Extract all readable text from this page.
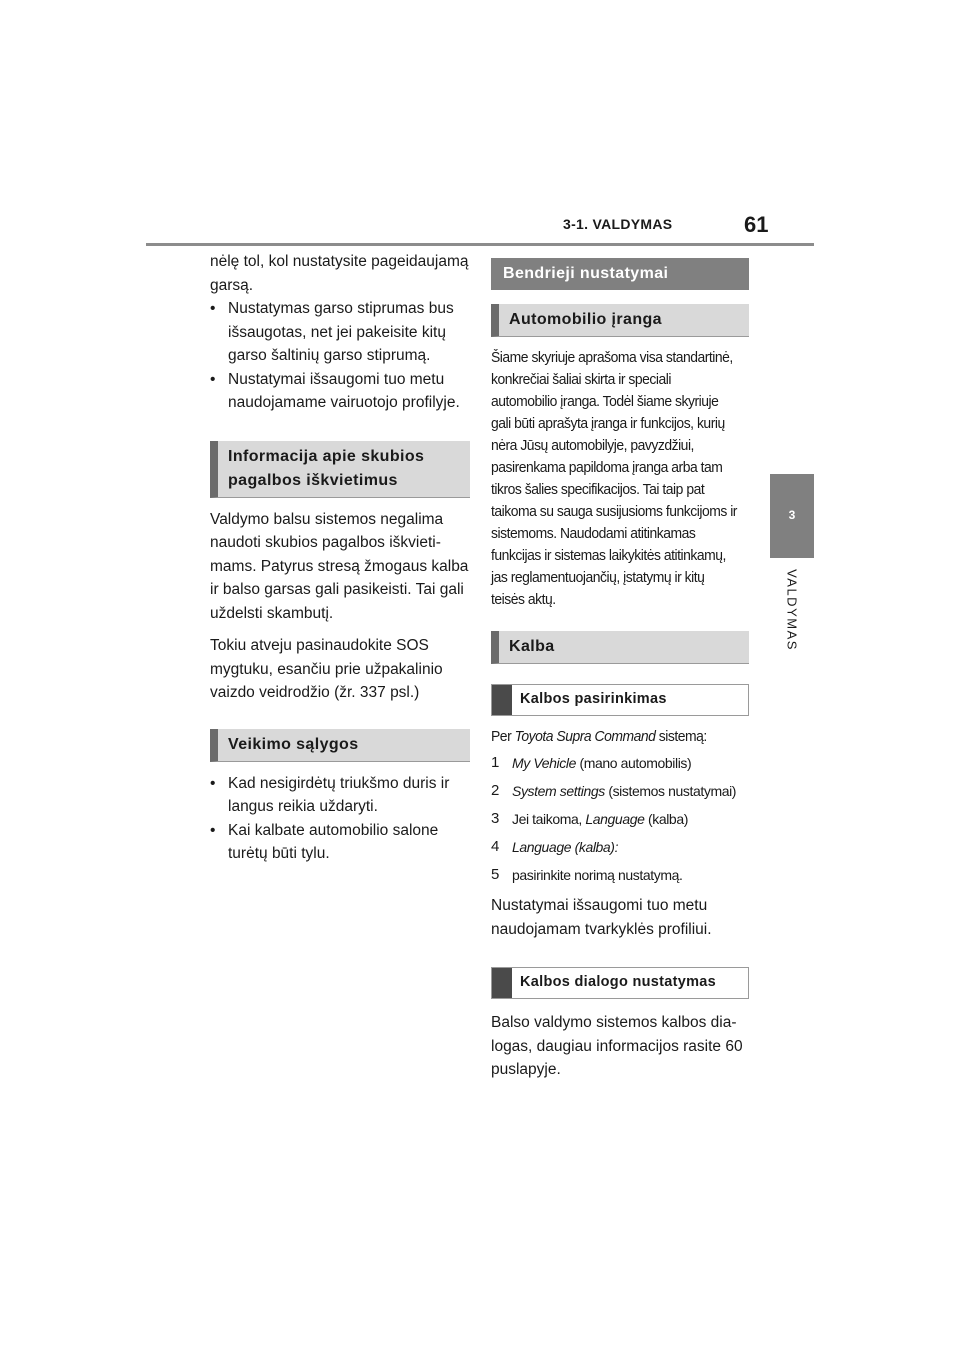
3-1. VALDYMAS	61
3
VALDYMAS

nėlę tol, kol nustatysite pageidaujamą garsą.

• Nustatymas garso stiprumas bus išsaugotas, net jei pakeisite kitų garso šaltinių garso stiprumą.
• Nustatymai išsaugomi tuo metu naudojamame vairuotojo profilyje.
Informacija apie skubios pagalbos iškvietimus

Valdymo balsu sistemos negalima naudoti skubios pagalbos iškvietimams. Patyrus stresą žmogaus kalba ir balso garsas gali pasikeisti. Tai gali uždelsti skambutį.

Tokiu atveju pasinaudokite SOS mygtuku, esančiu prie užpakalinio vaizdo veidrodžio (žr. 337 psl.)

Veikimo sąlygos
• Kad nesigirdėtų triukšmo duris ir langus reikia uždaryti.
• Kai kalbate automobilio salone turėtų būti tylu.
Bendrieji nustatymai
Automobilio įranga

Šiame skyriuje aprašoma visa standartinė, konkrečiai šaliai skirta ir speciali automobilio įranga. Todėl šiame skyriuje gali būti aprašyta įranga ir funkcijos, kurių nėra Jūsų automobilyje, pavyzdžiui, pasirenkama papildoma įranga arba tam tikros šalies specifikacijos. Tai taip pat taikoma su sauga susijusioms funkcijoms ir sistemoms. Naudodami atitinkamas funkcijas ir sistemas laikykitės atitinkamų, jas reglamentuojančių, įstatymų ir kitų teisės aktų.

Kalba
Kalbos pasirinkimas
Per Toyota Supra Command sistemą:
1 My Vehicle (mano automobilis)
2 System settings (sistemos nustatymai)
3 Jei taikoma, Language (kalba)
4 Language (kalba):
5 pasirinkite norimą nustatymą.

Nustatymai išsaugomi tuo metu naudojamam tvarkyklės profiliui.

Kalbos dialogo nustatymas

Balso valdymo sistemos kalbos dialogas, daugiau informacijos rasite 60 puslapyje.
